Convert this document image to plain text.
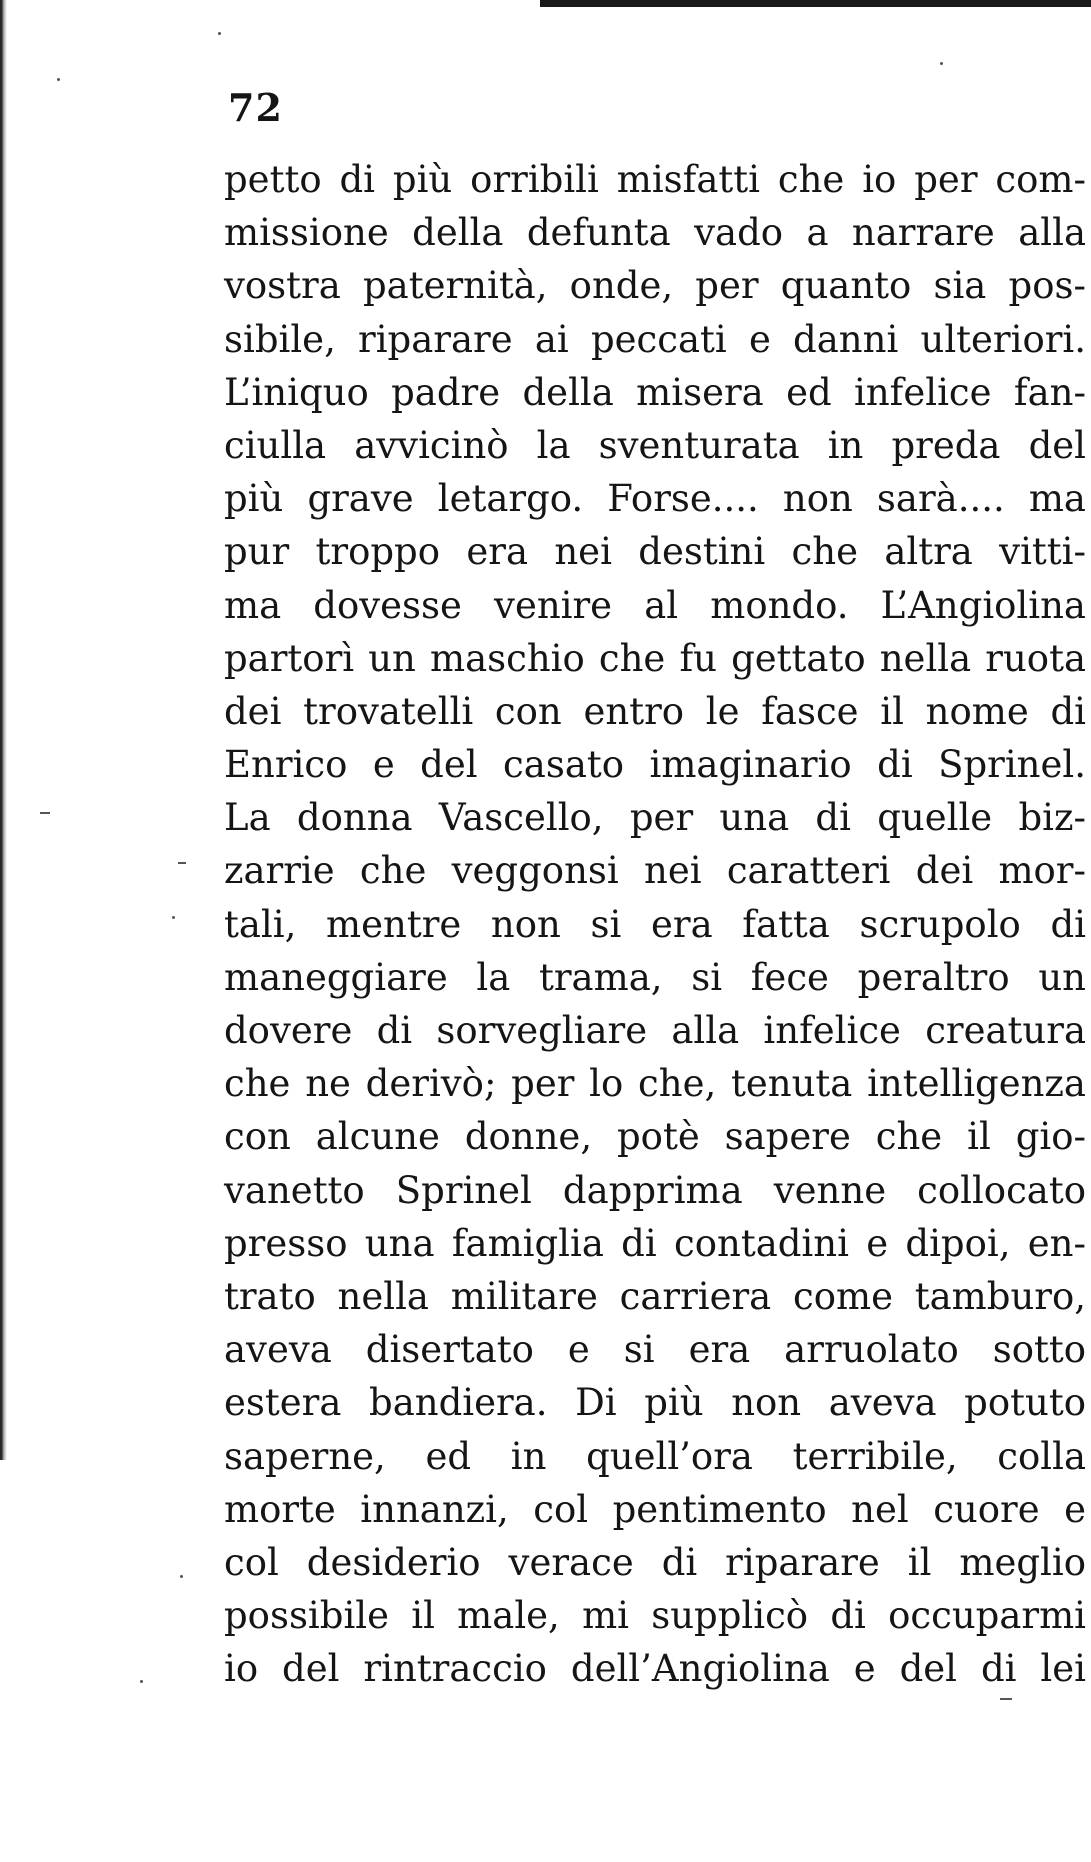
72
petto di più orribili misfatti che io per com-
missione della defunta vado a narrare alla
vostra paternità, onde, per quanto sia pos-
sibile, riparare ai peccati e danni ulteriori.
L’iniquo padre della misera ed infelice fan-
ciulla avvicinò la sventurata in preda del
più grave letargo. Forse.... non sarà.... ma
pur troppo era nei destini che altra vitti-
ma dovesse venire al mondo. L’Angiolina
partorì un maschio che fu gettato nella ruota
dei trovatelli con entro le fasce il nome di
Enrico e del casato imaginario di Sprinel.
La donna Vascello, per una di quelle biz-
zarrie che veggonsi nei caratteri dei mor-
tali, mentre non si era fatta scrupolo di
maneggiare la trama, si fece peraltro un
dovere di sorvegliare alla infelice creatura
che ne derivò; per lo che, tenuta intelligenza
con alcune donne, potè sapere che il gio-
vanetto Sprinel dapprima venne collocato
presso una famiglia di contadini e dipoi, en-
trato nella militare carriera come tamburo,
aveva disertato e si era arruolato sotto
estera bandiera. Di più non aveva potuto
saperne, ed in quell’ora terribile, colla
morte innanzi, col pentimento nel cuore e
col desiderio verace di riparare il meglio
possibile il male, mi supplicò di occuparmi
io del rintraccio dell’Angiolina e del di lei
